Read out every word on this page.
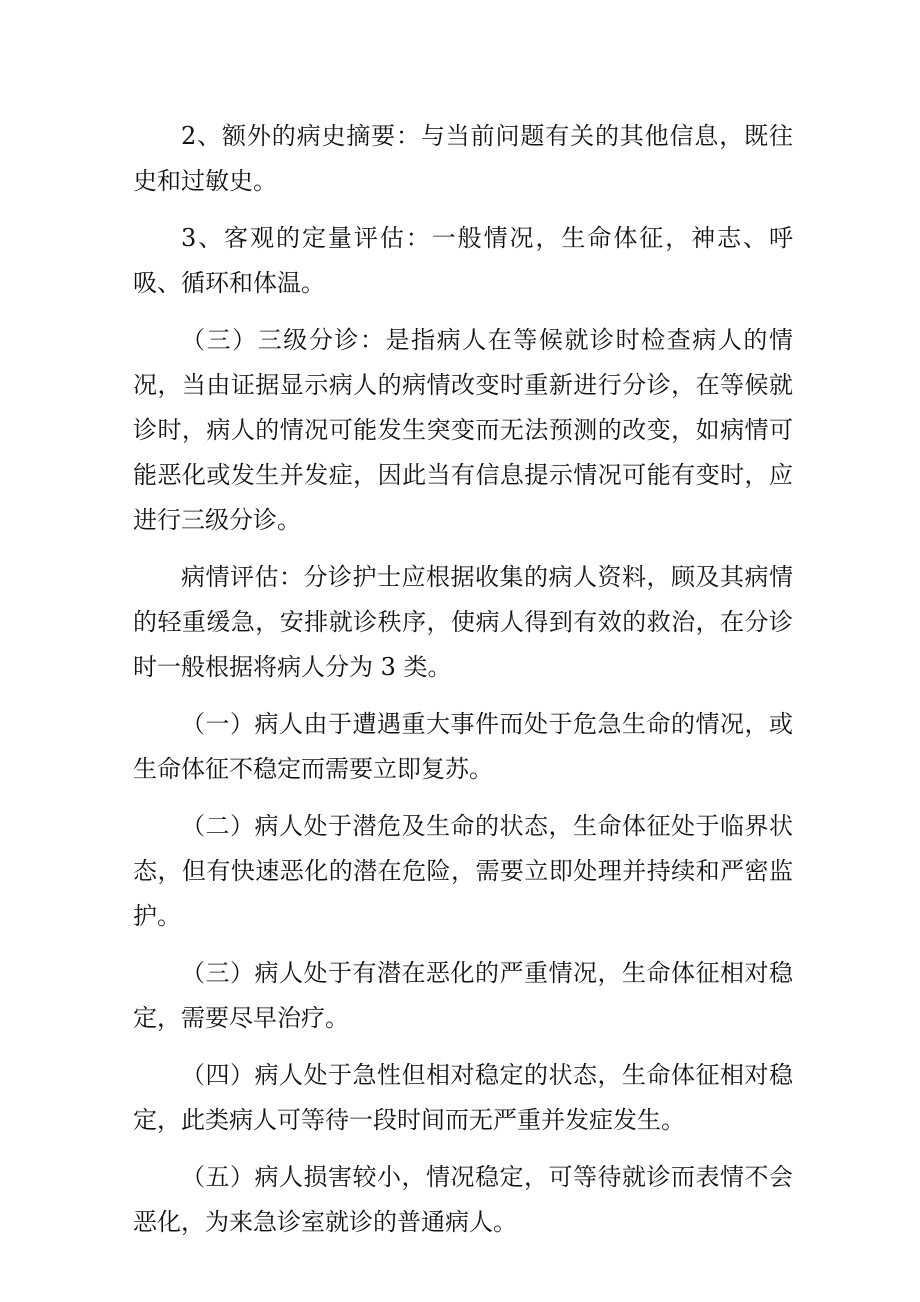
2、额外的病史摘要：与当前问题有关的其他信息，既往史和过敏史。

3、客观的定量评估：一般情况，生命体征，神志、呼吸、循环和体温。

（三）三级分诊：是指病人在等候就诊时检查病人的情况，当由证据显示病人的病情改变时重新进行分诊，在等候就诊时，病人的情况可能发生突变而无法预测的改变，如病情可能恶化或发生并发症，因此当有信息提示情况可能有变时，应进行三级分诊。

病情评估：分诊护士应根据收集的病人资料，顾及其病情的轻重缓急，安排就诊秩序，使病人得到有效的救治，在分诊时一般根据将病人分为 3 类。

（一）病人由于遭遇重大事件而处于危急生命的情况，或生命体征不稳定而需要立即复苏。

（二）病人处于潜危及生命的状态，生命体征处于临界状态，但有快速恶化的潜在危险，需要立即处理并持续和严密监护。

（三）病人处于有潜在恶化的严重情况，生命体征相对稳定，需要尽早治疗。

（四）病人处于急性但相对稳定的状态，生命体征相对稳定，此类病人可等待一段时间而无严重并发症发生。

（五）病人损害较小，情况稳定，可等待就诊而表情不会恶化，为来急诊室就诊的普通病人。
